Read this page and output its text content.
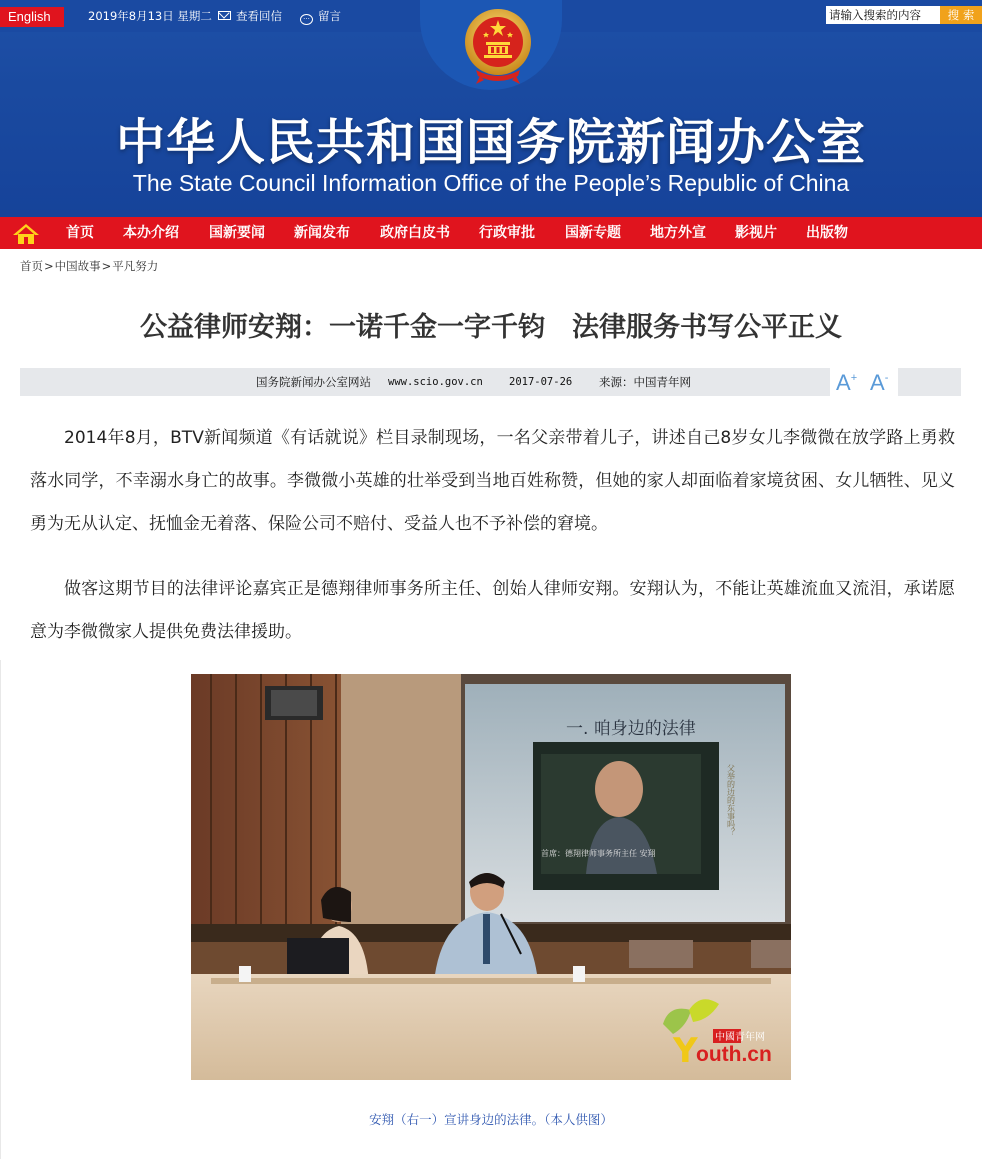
English	2019年8月13日 星期二	查看回信	··· 留言
请输入搜索的内容	搜 索
中华人民共和国国务院新闻办公室
The State Council Information Office of the People’s Republic of China
首页 本办介绍 国新要闻 新闻发布 政府白皮书 行政审批 国新专题 地方外宣 影视片 出版物
首页>中国故事>平凡努力
公益律师安翔：一诺千金一字千钧　法律服务书写公平正义
国务院新闻办公室网站 www.scio.gov.cn 2017-07-26 来源：中国青年网	A+ A-

2014年8月，BTV新闻频道《有话就说》栏目录制现场，一名父亲带着儿子，讲述自己8岁女儿李微微在放学路上勇救落水同学，不幸溺水身亡的故事。李微微小英雄的壮举受到当地百姓称赞，但她的家人却面临着家境贫困、女儿牺牲、见义勇为无从认定、抚恤金无着落、保险公司不赔付、受益人也不予补偿的窘境。

做客这期节目的法律评论嘉宾正是德翔律师事务所主任、创始人律师安翔。安翔认为，不能让英雄流血又流泪，承诺愿意为李微微家人提供免费法律援助。

一. 咱身边的法律
首席：德翔律师事务所主任 安翔
父举的边的东事吗？
Y 中國青年网
outh.cn
安翔（右一）宣讲身边的法律。（本人供图）
